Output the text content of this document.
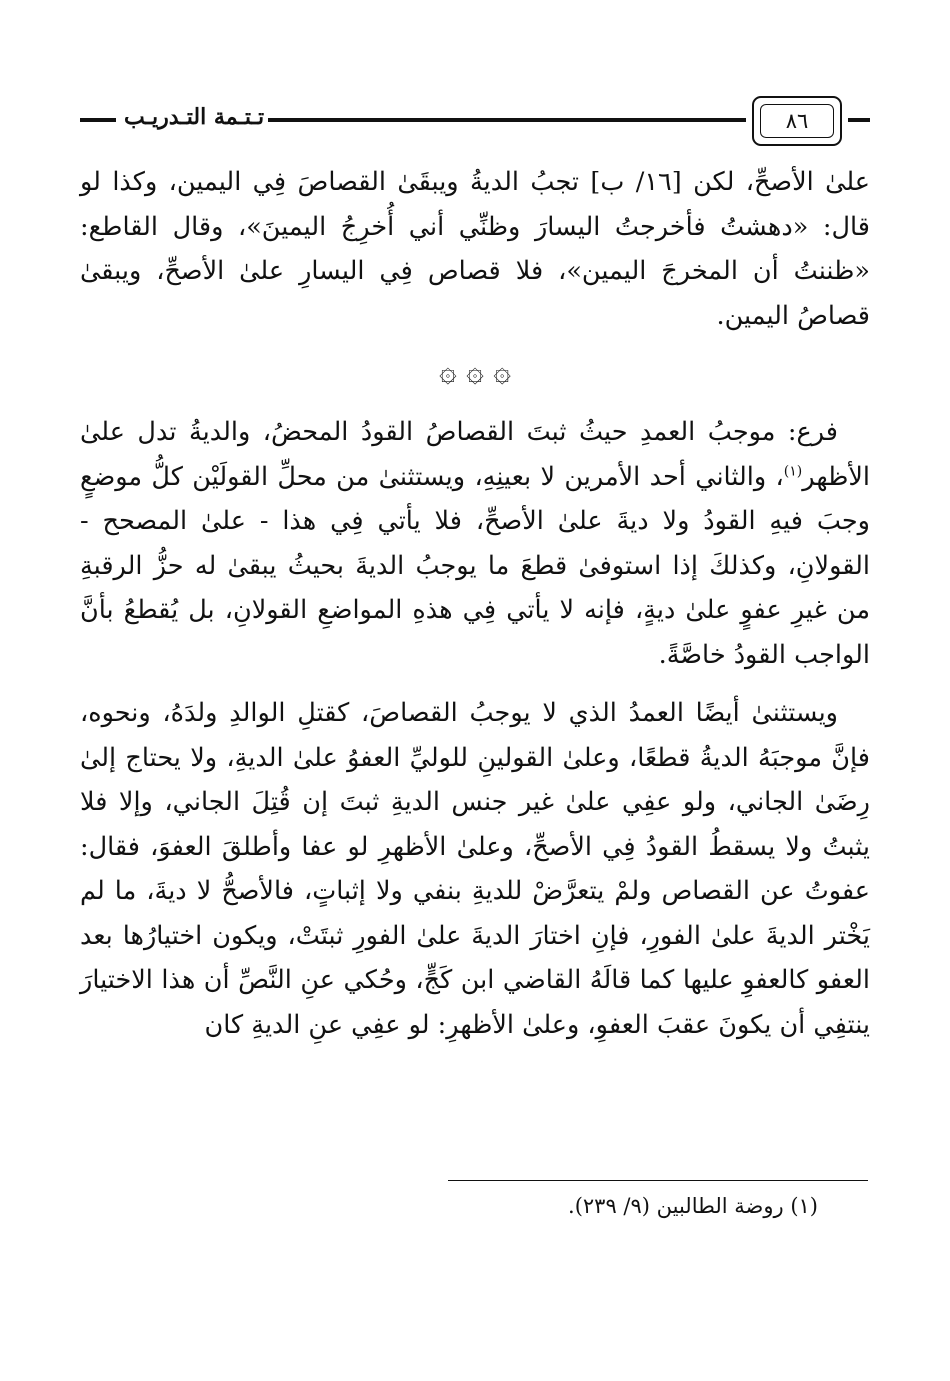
تـتـمة التـدريـب	٨٦

علىٰ الأصحِّ، لكن [١٦/ ب] تجبُ الديةُ ويبقَىٰ القصاصَ فِي اليمين، وكذا لو قال: «دهشتُ فأخرجتُ اليسارَ وظنِّي أني أُخرِجُ اليمينَ»، وقال القاطع: «ظننتُ أن المخرجَ اليمين»، فلا قصاص فِي اليسارِ علىٰ الأصحِّ، ويبقىٰ قصاصُ اليمين.

۞ ۞ ۞

فرع: موجبُ العمدِ حيثُ ثبتَ القصاصُ القودُ المحضُ، والديةُ تدل علىٰ الأظهر$^{(١)}$، والثاني أحد الأمرين لا بعينِهِ، ويستثنىٰ من محلِّ القولَيْن كلُّ موضعٍ وجبَ فيهِ القودُ ولا ديةَ علىٰ الأصحِّ، فلا يأتي فِي هذا - علىٰ المصحح - القولانِ، وكذلكَ إذا استوفىٰ قطعَ ما يوجبُ الديةَ بحيثُ يبقىٰ له حزُّ الرقبةِ من غيرِ عفوٍ علىٰ ديةٍ، فإنه لا يأتي فِي هذهِ المواضعِ القولانِ، بل يُقطعُ بأنَّ الواجب القودُ خاصَّةً.

ويستثنىٰ أيضًا العمدُ الذي لا يوجبُ القصاصَ، كقتلِ الوالدِ ولدَهُ، ونحوه، فإنَّ موجبَهُ الديةُ قطعًا، وعلىٰ القولينِ للوليِّ العفوُ علىٰ الديةِ، ولا يحتاج إلىٰ رِضَىٰ الجاني، ولو عفِي علىٰ غير جنس الديةِ ثبتَ إن قُتِلَ الجاني، وإلا فلا يثبتُ ولا يسقطُ القودُ فِي الأصحِّ، وعلىٰ الأظهرِ لو عفا وأطلقَ العفوَ، فقال: عفوتُ عن القصاص ولمْ يتعرَّضْ للديةِ بنفي ولا إثباتٍ، فالأصحُّ لا ديةَ، ما لم يَخْتر الديةَ علىٰ الفورِ، فإنِ اختارَ الديةَ علىٰ الفورِ ثبتَتْ، ويكون اختيارُها بعد العفو كالعفوِ عليها كما قالَهُ القاضي ابن كَجٍّ، وحُكي عنِ النَّصِّ أن هذا الاختيارَ ينتفِي أن يكونَ عقبَ العفوِ، وعلىٰ الأظهرِ: لو عفِي عنِ الديةِ كان

(١) روضة الطالبين (٩/ ٢٣٩).
